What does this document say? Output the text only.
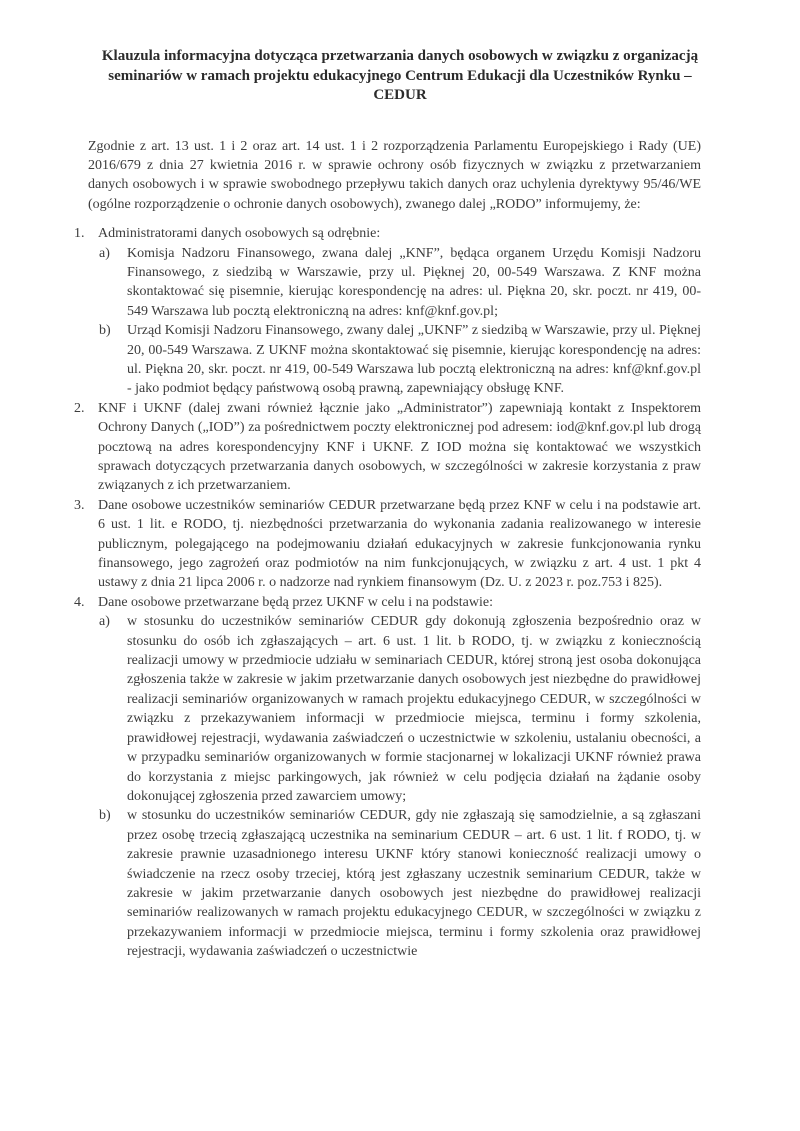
Klauzula informacyjna dotycząca przetwarzania danych osobowych w związku z organizacją
seminariów w ramach projektu edukacyjnego Centrum Edukacji dla Uczestników Rynku –
CEDUR

Zgodnie z art. 13 ust. 1 i 2 oraz art. 14 ust. 1 i 2 rozporządzenia Parlamentu Europejskiego i Rady (UE) 2016/679 z dnia 27 kwietnia 2016 r. w sprawie ochrony osób fizycznych w związku z przetwarzaniem danych osobowych i w sprawie swobodnego przepływu takich danych oraz uchylenia dyrektywy 95/46/WE (ogólne rozporządzenie o ochronie danych osobowych), zwanego dalej „RODO” informujemy, że:

1. Administratorami danych osobowych są odrębnie:
a)	Komisja Nadzoru Finansowego, zwana dalej „KNF”, będąca organem Urzędu Komisji Nadzoru Finansowego, z siedzibą w Warszawie, przy ul. Pięknej 20, 00-549 Warszawa. Z KNF można skontaktować się pisemnie, kierując korespondencję na adres: ul. Piękna 20, skr. poczt. nr 419, 00-549 Warszawa lub pocztą elektroniczną na adres: knf@knf.gov.pl;
b)	Urząd Komisji Nadzoru Finansowego, zwany dalej „UKNF” z siedzibą w Warszawie, przy ul. Pięknej 20, 00-549 Warszawa. Z UKNF można skontaktować się pisemnie, kierując korespondencję na adres: ul. Piękna 20, skr. poczt. nr 419, 00-549 Warszawa lub pocztą elektroniczną na adres: knf@knf.gov.pl - jako podmiot będący państwową osobą prawną, zapewniający obsługę KNF.
2. KNF i UKNF (dalej zwani również łącznie jako „Administrator”) zapewniają kontakt z Inspektorem Ochrony Danych („IOD”) za pośrednictwem poczty elektronicznej pod adresem: iod@knf.gov.pl lub drogą pocztową na adres korespondencyjny KNF i UKNF. Z IOD można się kontaktować we wszystkich sprawach dotyczących przetwarzania danych osobowych, w szczególności w zakresie korzystania z praw związanych z ich przetwarzaniem.
3. Dane osobowe uczestników seminariów CEDUR przetwarzane będą przez KNF w celu i na podstawie art. 6 ust. 1 lit. e RODO, tj. niezbędności przetwarzania do wykonania zadania realizowanego w interesie publicznym, polegającego na podejmowaniu działań edukacyjnych w zakresie funkcjonowania rynku finansowego, jego zagrożeń oraz podmiotów na nim funkcjonujących, w związku z art. 4 ust. 1 pkt 4 ustawy z dnia 21 lipca 2006 r. o nadzorze nad rynkiem finansowym (Dz. U. z 2023 r. poz.753 i 825).
4. Dane osobowe przetwarzane będą przez UKNF w celu i na podstawie:
a)	w stosunku do uczestników seminariów CEDUR gdy dokonują zgłoszenia bezpośrednio oraz w stosunku do osób ich zgłaszających – art. 6 ust. 1 lit. b RODO, tj. w związku z koniecznością realizacji umowy w przedmiocie udziału w seminariach CEDUR, której stroną jest osoba dokonująca zgłoszenia także w zakresie w jakim przetwarzanie danych osobowych jest niezbędne do prawidłowej realizacji seminariów organizowanych w ramach projektu edukacyjnego CEDUR, w szczególności w związku z przekazywaniem informacji w przedmiocie miejsca, terminu i formy szkolenia, prawidłowej rejestracji, wydawania zaświadczeń o uczestnictwie w szkoleniu, ustalaniu obecności, a w przypadku seminariów organizowanych w formie stacjonarnej w lokalizacji UKNF również prawa do korzystania z miejsc parkingowych, jak również w celu podjęcia działań na żądanie osoby dokonującej zgłoszenia przed zawarciem umowy;
b)	w stosunku do uczestników seminariów CEDUR, gdy nie zgłaszają się samodzielnie, a są zgłaszani przez osobę trzecią zgłaszającą uczestnika na seminarium CEDUR – art. 6 ust. 1 lit. f RODO, tj. w zakresie prawnie uzasadnionego interesu UKNF który stanowi konieczność realizacji umowy o świadczenie na rzecz osoby trzeciej, którą jest zgłaszany uczestnik seminarium CEDUR, także w zakresie w jakim przetwarzanie danych osobowych jest niezbędne do prawidłowej realizacji seminariów realizowanych w ramach projektu edukacyjnego CEDUR, w szczególności w związku z przekazywaniem informacji w przedmiocie miejsca, terminu i formy szkolenia oraz prawidłowej rejestracji, wydawania zaświadczeń o uczestnictwie
